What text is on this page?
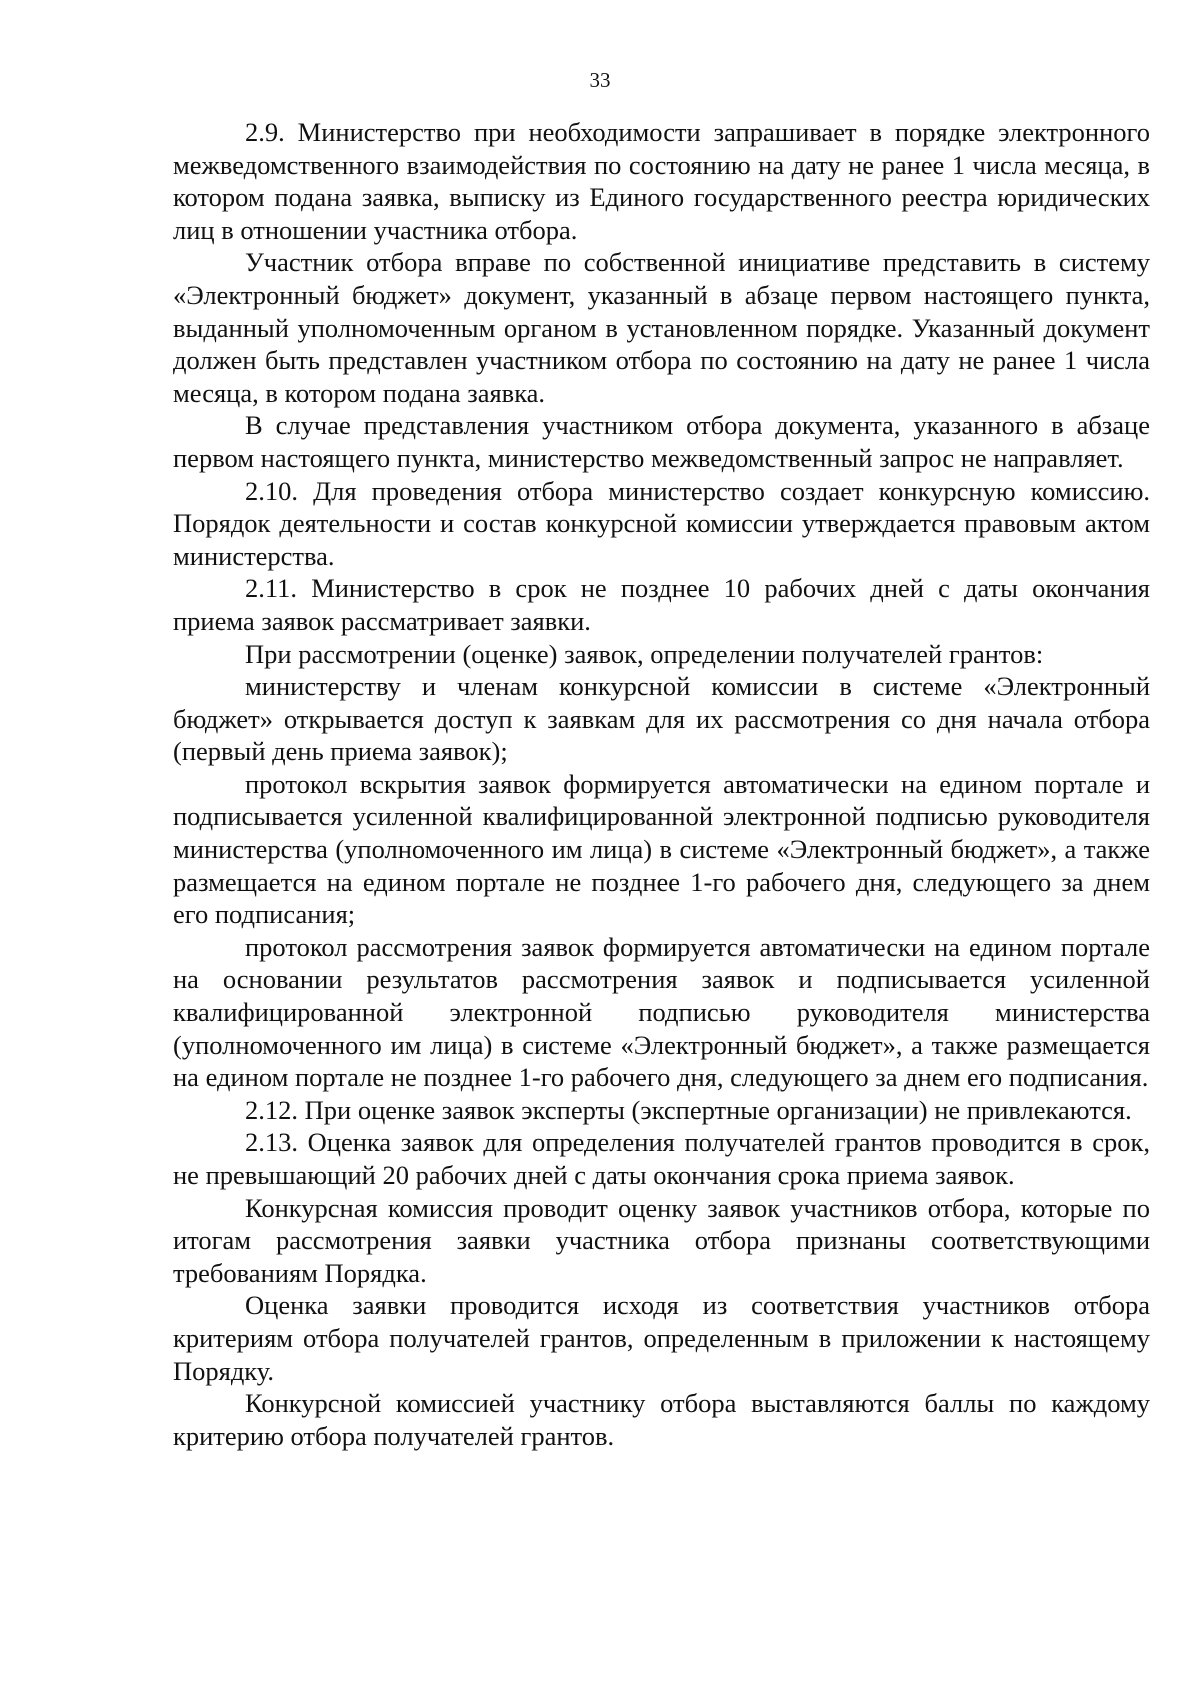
33

2.9. Министерство при необходимости запрашивает в порядке электронного межведомственного взаимодействия по состоянию на дату не ранее 1 числа месяца, в котором подана заявка, выписку из Единого государственного реестра юридических лиц в отношении участника отбора.

Участник отбора вправе по собственной инициативе представить в систему «Электронный бюджет» документ, указанный в абзаце первом настоящего пункта, выданный уполномоченным органом в установленном порядке. Указанный документ должен быть представлен участником отбора по состоянию на дату не ранее 1 числа месяца, в котором подана заявка.

В случае представления участником отбора документа, указанного в абзаце первом настоящего пункта, министерство межведомственный запрос не направляет.

2.10. Для проведения отбора министерство создает конкурсную комиссию. Порядок деятельности и состав конкурсной комиссии утверждается правовым актом министерства.

2.11. Министерство в срок не позднее 10 рабочих дней с даты окончания приема заявок рассматривает заявки.

При рассмотрении (оценке) заявок, определении получателей грантов:

министерству и членам конкурсной комиссии в системе «Электронный бюджет» открывается доступ к заявкам для их рассмотрения со дня начала отбора (первый день приема заявок);

протокол вскрытия заявок формируется автоматически на едином портале и подписывается усиленной квалифицированной электронной подписью руководителя министерства (уполномоченного им лица) в системе «Электронный бюджет», а также размещается на едином портале не позднее 1-го рабочего дня, следующего за днем его подписания;

протокол рассмотрения заявок формируется автоматически на едином портале на основании результатов рассмотрения заявок и подписывается усиленной квалифицированной электронной подписью руководителя министерства (уполномоченного им лица) в системе «Электронный бюджет», а также размещается на едином портале не позднее 1-го рабочего дня, следующего за днем его подписания.

2.12. При оценке заявок эксперты (экспертные организации) не привлекаются.

2.13. Оценка заявок для определения получателей грантов проводится в срок, не превышающий 20 рабочих дней с даты окончания срока приема заявок.

Конкурсная комиссия проводит оценку заявок участников отбора, которые по итогам рассмотрения заявки участника отбора признаны соответствующими требованиям Порядка.

Оценка заявки проводится исходя из соответствия участников отбора критериям отбора получателей грантов, определенным в приложении к настоящему Порядку.

Конкурсной комиссией участнику отбора выставляются баллы по каждому критерию отбора получателей грантов.
